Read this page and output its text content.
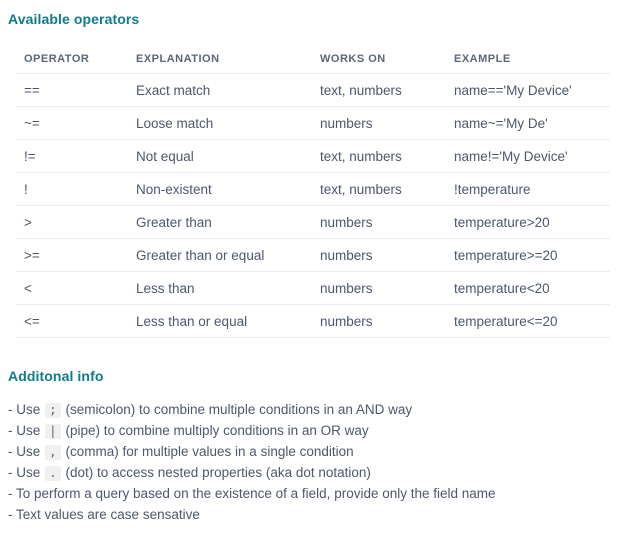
Available operators
OPERATOR	EXPLANATION	WORKS ON	EXAMPLE
==	Exact match	text, numbers	name=='My Device'
~=	Loose match	numbers	name~='My De'
!=	Not equal	text, numbers	name!='My Device'
!	Non-existent	text, numbers	!temperature
>	Greater than	numbers	temperature>20
>=	Greater than or equal	numbers	temperature>=20
<	Less than	numbers	temperature<20
<=	Less than or equal	numbers	temperature<=20
Additonal info
- Use ; (semicolon) to combine multiple conditions in an AND way
- Use | (pipe) to combine multiply conditions in an OR way
- Use , (comma) for multiple values in a single condition
- Use . (dot) to access nested properties (aka dot notation)
- To perform a query based on the existence of a field, provide only the field name
- Text values are case sensative
